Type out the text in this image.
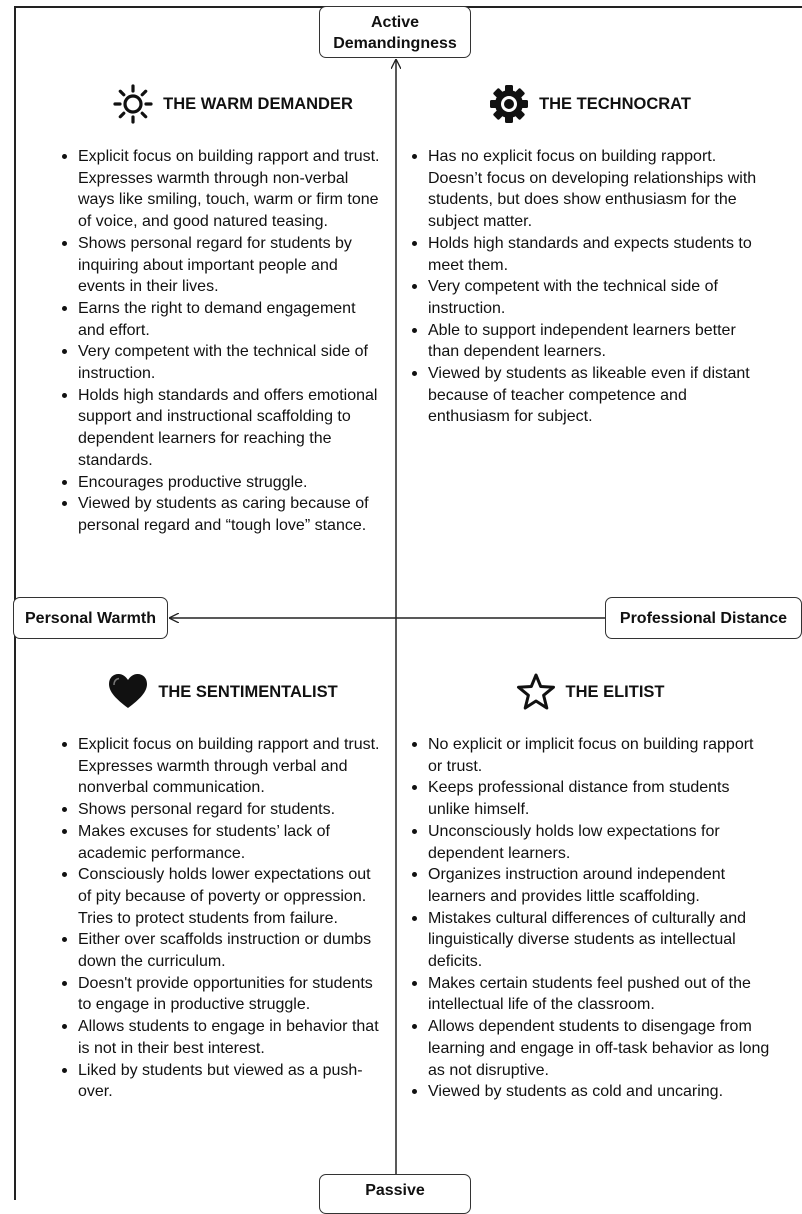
Active Demandingness
Personal Warmth	Professional Distance
Passive
THE WARM DEMANDER
Explicit focus on building rapport and trust. Expresses warmth through non-verbal ways like smiling, touch, warm or firm tone of voice, and good natured teasing.
Shows personal regard for students by inquiring about important people and events in their lives.
Earns the right to demand engagement and effort.
Very competent with the technical side of instruction.
Holds high standards and offers emotional support and instructional scaffolding to dependent learners for reaching the standards.
Encourages productive struggle.
Viewed by students as caring because of personal regard and “tough love” stance.
THE TECHNOCRAT
Has no explicit focus on building rapport. Doesn’t focus on developing relationships with students, but does show enthusiasm for the subject matter.
Holds high standards and expects students to meet them.
Very competent with the technical side of instruction.
Able to support independent learners better than dependent learners.
Viewed by students as likeable even if distant because of teacher competence and enthusiasm for subject.
THE SENTIMENTALIST
Explicit focus on building rapport and trust. Expresses warmth through verbal and nonverbal communication.
Shows personal regard for students.
Makes excuses for students’ lack of academic performance.
Consciously holds lower expectations out of pity because of poverty or oppression. Tries to protect students from failure.
Either over scaffolds instruction or dumbs down the curriculum.
Doesn't provide opportunities for students to engage in productive struggle.
Allows students to engage in behavior that is not in their best interest.
Liked by students but viewed as a push-over.
THE ELITIST
No explicit or implicit focus on building rapport or trust.
Keeps professional distance from students unlike himself.
Unconsciously holds low expectations for dependent learners.
Organizes instruction around independent learners and provides little scaffolding.
Mistakes cultural differences of culturally and linguistically diverse students as intellectual deficits.
Makes certain students feel pushed out of the intellectual life of the classroom.
Allows dependent students to disengage from learning and engage in off-task behavior as long as not disruptive.
Viewed by students as cold and uncaring.
